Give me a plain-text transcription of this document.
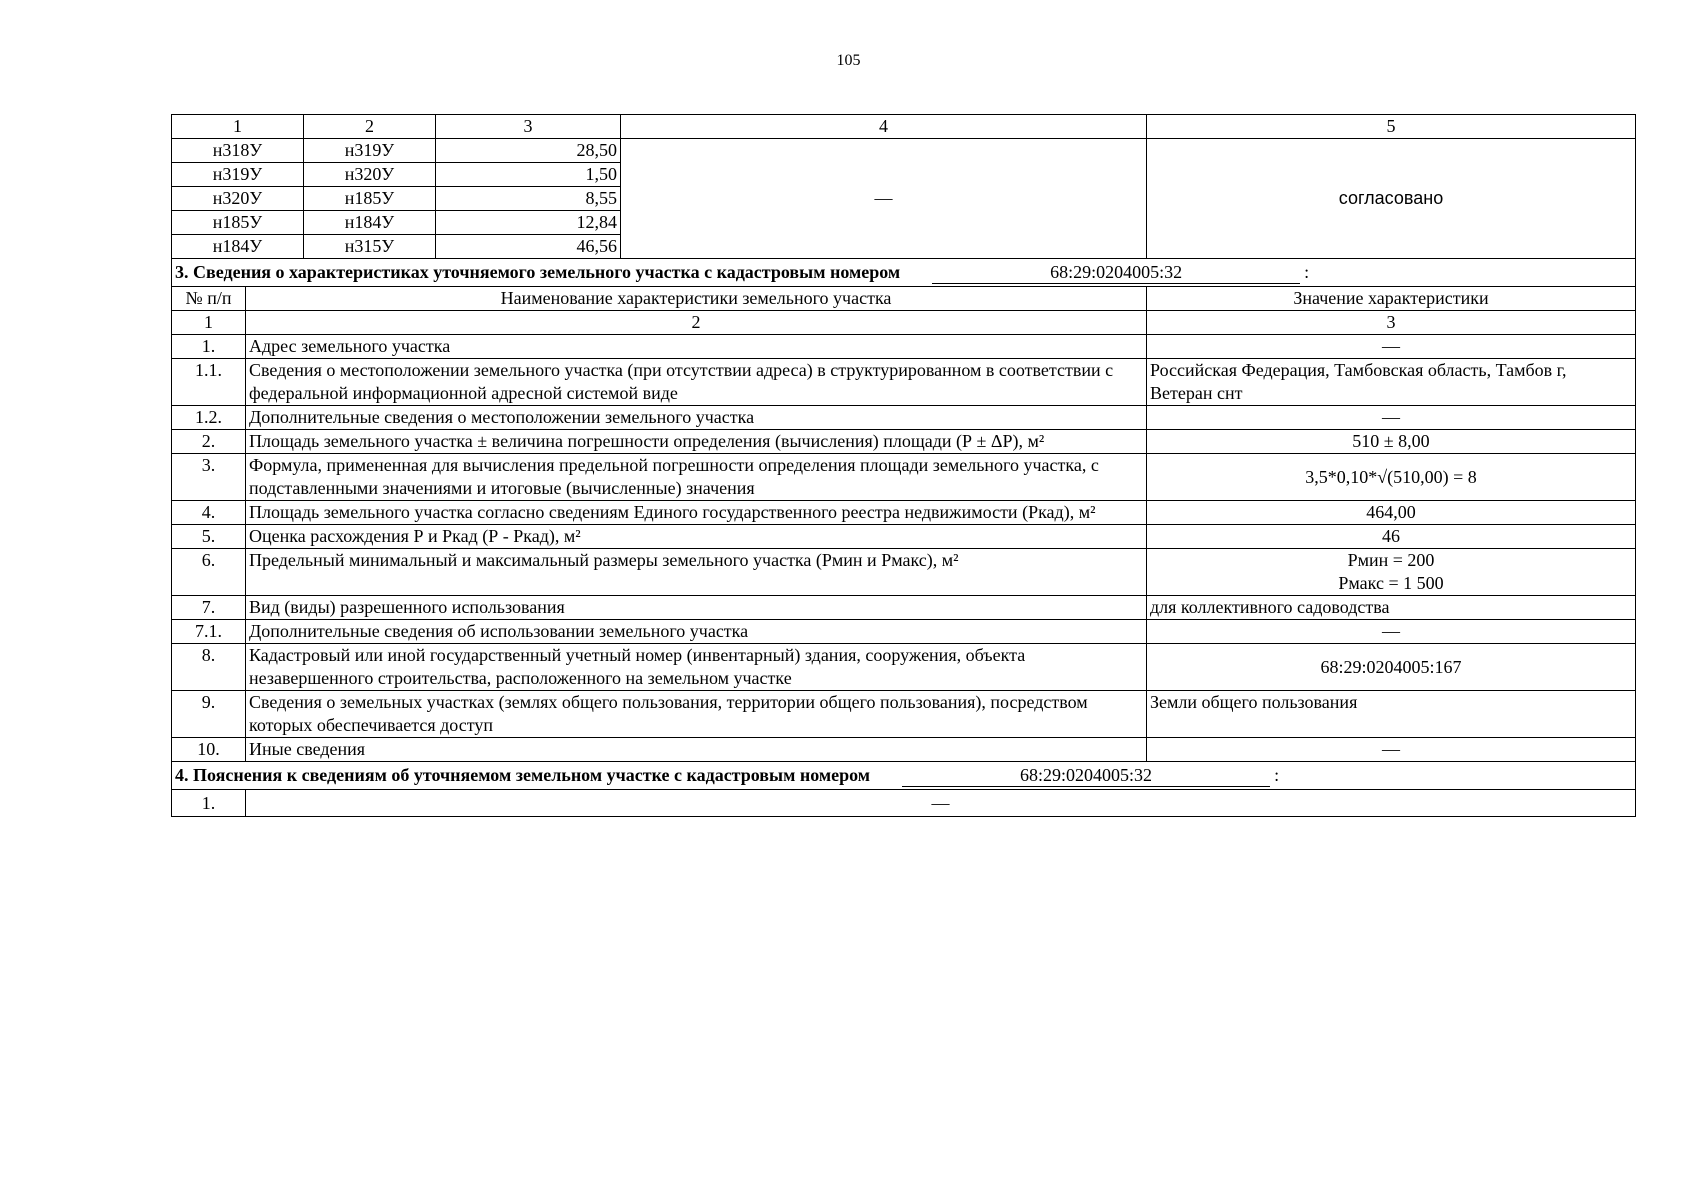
105
1		2	3	4	5
н318У		н319У	28,50	—	согласовано
н319У		н320У	1,50		
н320У		н185У	8,55		
н185У		н184У	12,84		
н184У		н315У	46,56		

3. Сведения о характеристиках уточняемого земельного участка с кадастровым номером 68:29:0204005:32 :					

№ п/п	Наименование характеристики земельного участка				Значение характеристики
1	2				3
1.	Адрес земельного участка				—
1.1.	Сведения о местоположении земельного участка (при отсутствии адреса) в структурированном в соответствии с федеральной информационной адресной системой виде				Российская Федерация, Тамбовская область, Тамбов г, Ветеран снт
1.2.	Дополнительные сведения о местоположении земельного участка				—
2.	Площадь земельного участка ± величина погрешности определения (вычисления) площади (Р ± ΔР), м²				510 ± 8,00
3.	Формула, примененная для вычисления предельной погрешности определения площади земельного участка, с подставленными значениями и итоговые (вычисленные) значения				3,5*0,10*√(510,00) = 8
4.	Площадь земельного участка согласно сведениям Единого государственного реестра недвижимости (Ркад), м²				464,00
5.	Оценка расхождения Р и Ркад (Р - Ркад), м²				46
6.	Предельный минимальный и максимальный размеры земельного участка (Рмин и Рмакс), м²				Рмин = 200
Рмакс = 1 500

7.	Вид (виды) разрешенного использования				для коллективного садоводства
7.1.	Дополнительные сведения об использовании земельного участка				—
8.	Кадастровый или иной государственный учетный номер (инвентарный) здания, сооружения, объекта незавершенного строительства, расположенного на земельном участке				68:29:0204005:167
9.	Сведения о земельных участках (землях общего пользования, территории общего пользования), посредством которых обеспечивается доступ				Земли общего пользования
10.	Иные сведения				—

4. Пояснения к сведениям об уточняемом земельном участке с кадастровым номером 68:29:0204005:32 :					

1.	—				
